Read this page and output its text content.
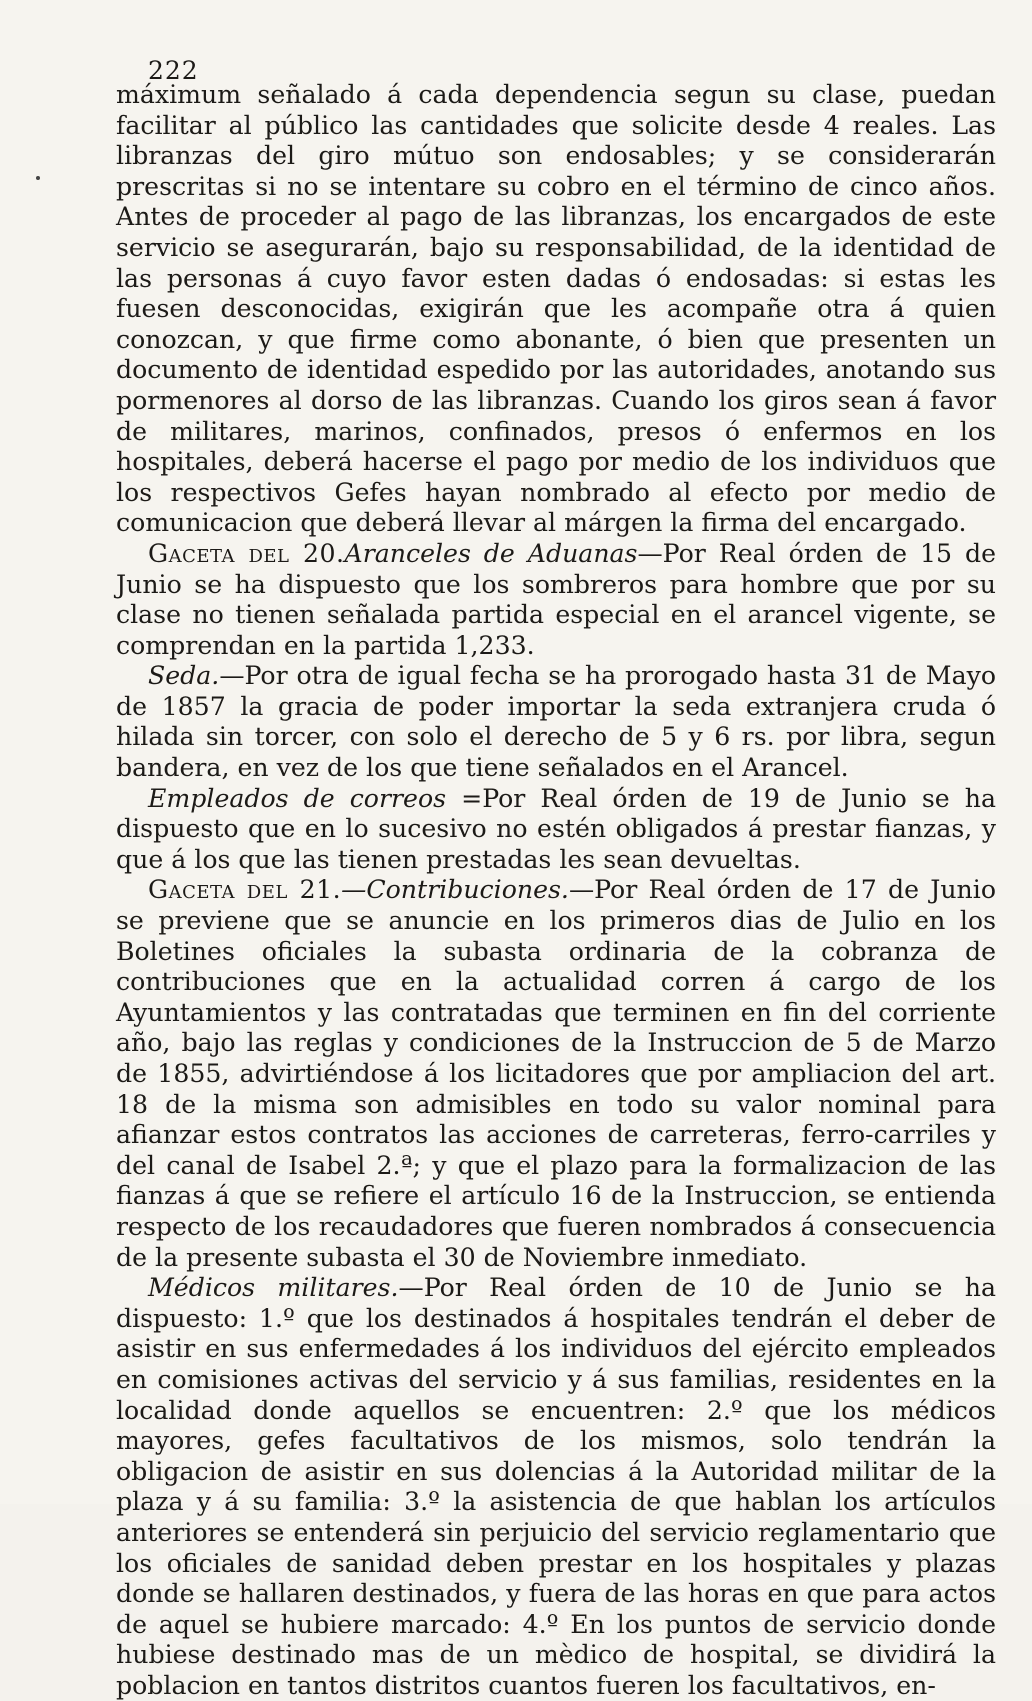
222

máximum señalado á cada dependencia segun su clase, puedan facilitar al público las cantidades que solicite desde 4 reales. Las libranzas del giro mútuo son endosables; y se considerarán prescritas si no se intentare su cobro en el término de cinco años. Antes de proceder al pago de las libranzas, los encargados de este servicio se asegurarán, bajo su responsabilidad, de la identidad de las personas á cuyo favor esten dadas ó endosadas: si estas les fuesen desconocidas, exigirán que les acompañe otra á quien conozcan, y que firme como abonante, ó bien que presenten un documento de identidad espedido por las autoridades, anotando sus pormenores al dorso de las libranzas. Cuando los giros sean á favor de militares, marinos, confinados, presos ó enfermos en los hospitales, deberá hacerse el pago por medio de los individuos que los respectivos Gefes hayan nombrado al efecto por medio de comunicacion que deberá llevar al márgen la firma del encargado.

Gaceta del 20.Aranceles de Aduanas—Por Real órden de 15 de Junio se ha dispuesto que los sombreros para hombre que por su clase no tienen señalada partida especial en el arancel vigente, se comprendan en la partida 1,233.

Seda.—Por otra de igual fecha se ha prorogado hasta 31 de Mayo de 1857 la gracia de poder importar la seda extranjera cruda ó hilada sin torcer, con solo el derecho de 5 y 6 rs. por libra, segun bandera, en vez de los que tiene señalados en el Arancel.

Empleados de correos =Por Real órden de 19 de Junio se ha dispuesto que en lo sucesivo no estén obligados á prestar fianzas, y que á los que las tienen prestadas les sean devueltas.

Gaceta del 21.—Contribuciones.—Por Real órden de 17 de Junio se previene que se anuncie en los primeros dias de Julio en los Boletines oficiales la subasta ordinaria de la cobranza de contribuciones que en la actualidad corren á cargo de los Ayuntamientos y las contratadas que terminen en fin del corriente año, bajo las reglas y condiciones de la Instruccion de 5 de Marzo de 1855, advirtiéndose á los licitadores que por ampliacion del art. 18 de la misma son admisibles en todo su valor nominal para afianzar estos contratos las acciones de carreteras, ferro-carriles y del canal de Isabel 2.ª; y que el plazo para la formalizacion de las fianzas á que se refiere el artículo 16 de la Instruccion, se entienda respecto de los recaudadores que fueren nombrados á consecuencia de la presente subasta el 30 de Noviembre inmediato.

Médicos militares.—Por Real órden de 10 de Junio se ha dispuesto: 1.º que los destinados á hospitales tendrán el deber de asistir en sus enfermedades á los individuos del ejército empleados en comisiones activas del servicio y á sus familias, residentes en la localidad donde aquellos se encuentren: 2.º que los médicos mayores, gefes facultativos de los mismos, solo tendrán la obligacion de asistir en sus dolencias á la Autoridad militar de la plaza y á su familia: 3.º la asistencia de que hablan los artículos anteriores se entenderá sin perjuicio del servicio reglamentario que los oficiales de sanidad deben prestar en los hospitales y plazas donde se hallaren destinados, y fuera de las horas en que para actos de aquel se hubiere marcado: 4.º En los puntos de servicio donde hubiese destinado mas de un mèdico de hospital, se dividirá la poblacion en tantos distritos cuantos fueren los facultativos, en-
